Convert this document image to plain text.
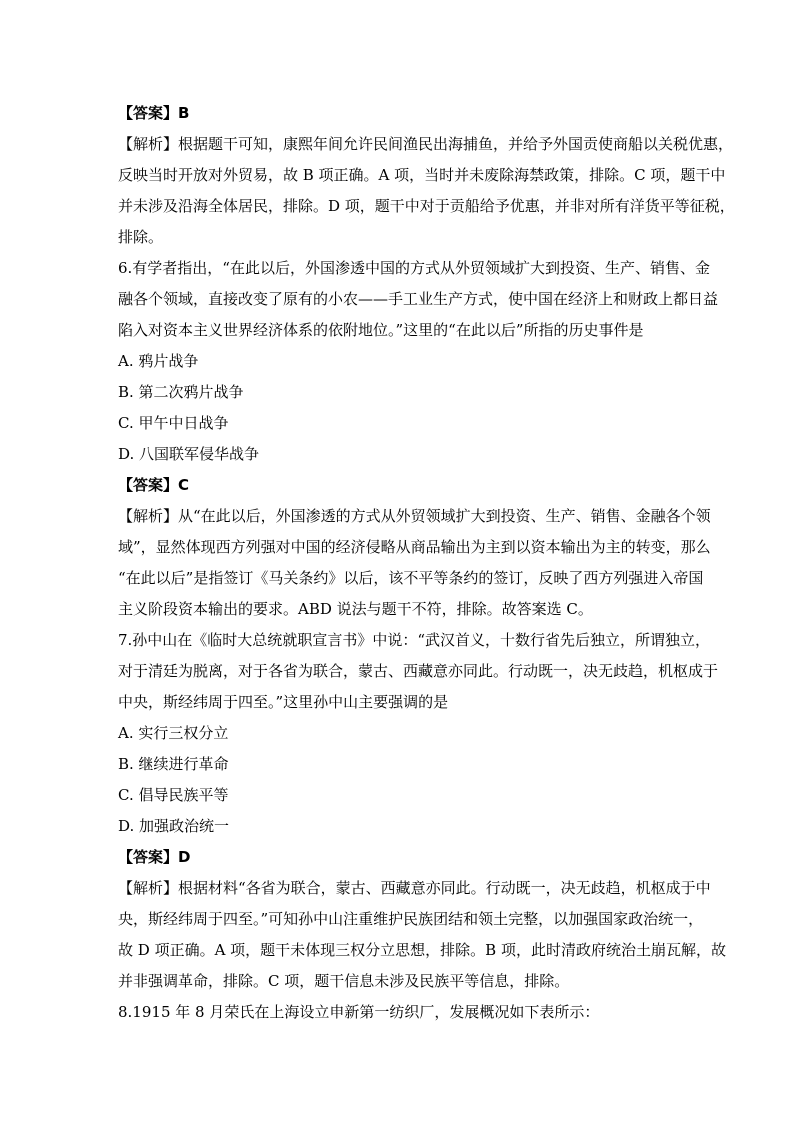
【答案】B
【解析】根据题干可知，康熙年间允许民间渔民出海捕鱼，并给予外国贡使商船以关税优惠，
反映当时开放对外贸易，故 B 项正确。A 项，当时并未废除海禁政策，排除。C 项，题干中
并未涉及沿海全体居民，排除。D 项，题干中对于贡船给予优惠，并非对所有洋货平等征税，
排除。
6.有学者指出，“在此以后，外国渗透中国的方式从外贸领域扩大到投资、生产、销售、金
融各个领域，直接改变了原有的小农——手工业生产方式，使中国在经济上和财政上都日益
陷入对资本主义世界经济体系的依附地位。”这里的“在此以后”所指的历史事件是
A. 鸦片战争
B. 第二次鸦片战争
C. 甲午中日战争
D. 八国联军侵华战争
【答案】C
【解析】从“在此以后，外国渗透的方式从外贸领域扩大到投资、生产、销售、金融各个领
域”，显然体现西方列强对中国的经济侵略从商品输出为主到以资本输出为主的转变，那么
“在此以后”是指签订《马关条约》以后，该不平等条约的签订，反映了西方列强进入帝国
主义阶段资本输出的要求。ABD 说法与题干不符，排除。故答案选 C。
7.孙中山在《临时大总统就职宣言书》中说：“武汉首义，十数行省先后独立，所谓独立，
对于清廷为脱离，对于各省为联合，蒙古、西藏意亦同此。行动既一，决无歧趋，机枢成于
中央，斯经纬周于四至。”这里孙中山主要强调的是
A. 实行三权分立
B. 继续进行革命
C. 倡导民族平等
D. 加强政治统一
【答案】D
【解析】根据材料“各省为联合，蒙古、西藏意亦同此。行动既一，决无歧趋，机枢成于中
央，斯经纬周于四至。”可知孙中山注重维护民族团结和领土完整，以加强国家政治统一，
故 D 项正确。A 项，题干未体现三权分立思想，排除。B 项，此时清政府统治土崩瓦解，故
并非强调革命，排除。C 项，题干信息未涉及民族平等信息，排除。
8.1915 年 8 月荣氏在上海设立申新第一纺织厂，发展概况如下表所示：
